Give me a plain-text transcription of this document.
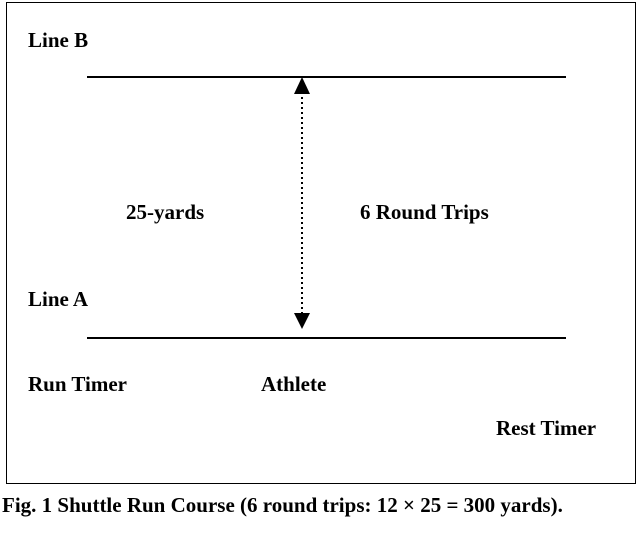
Line B
25-yards	6 Round Trips
Line A
Run Timer	Athlete
Rest Timer
Fig. 1 Shuttle Run Course (6 round trips: 12 × 25 = 300 yards).
